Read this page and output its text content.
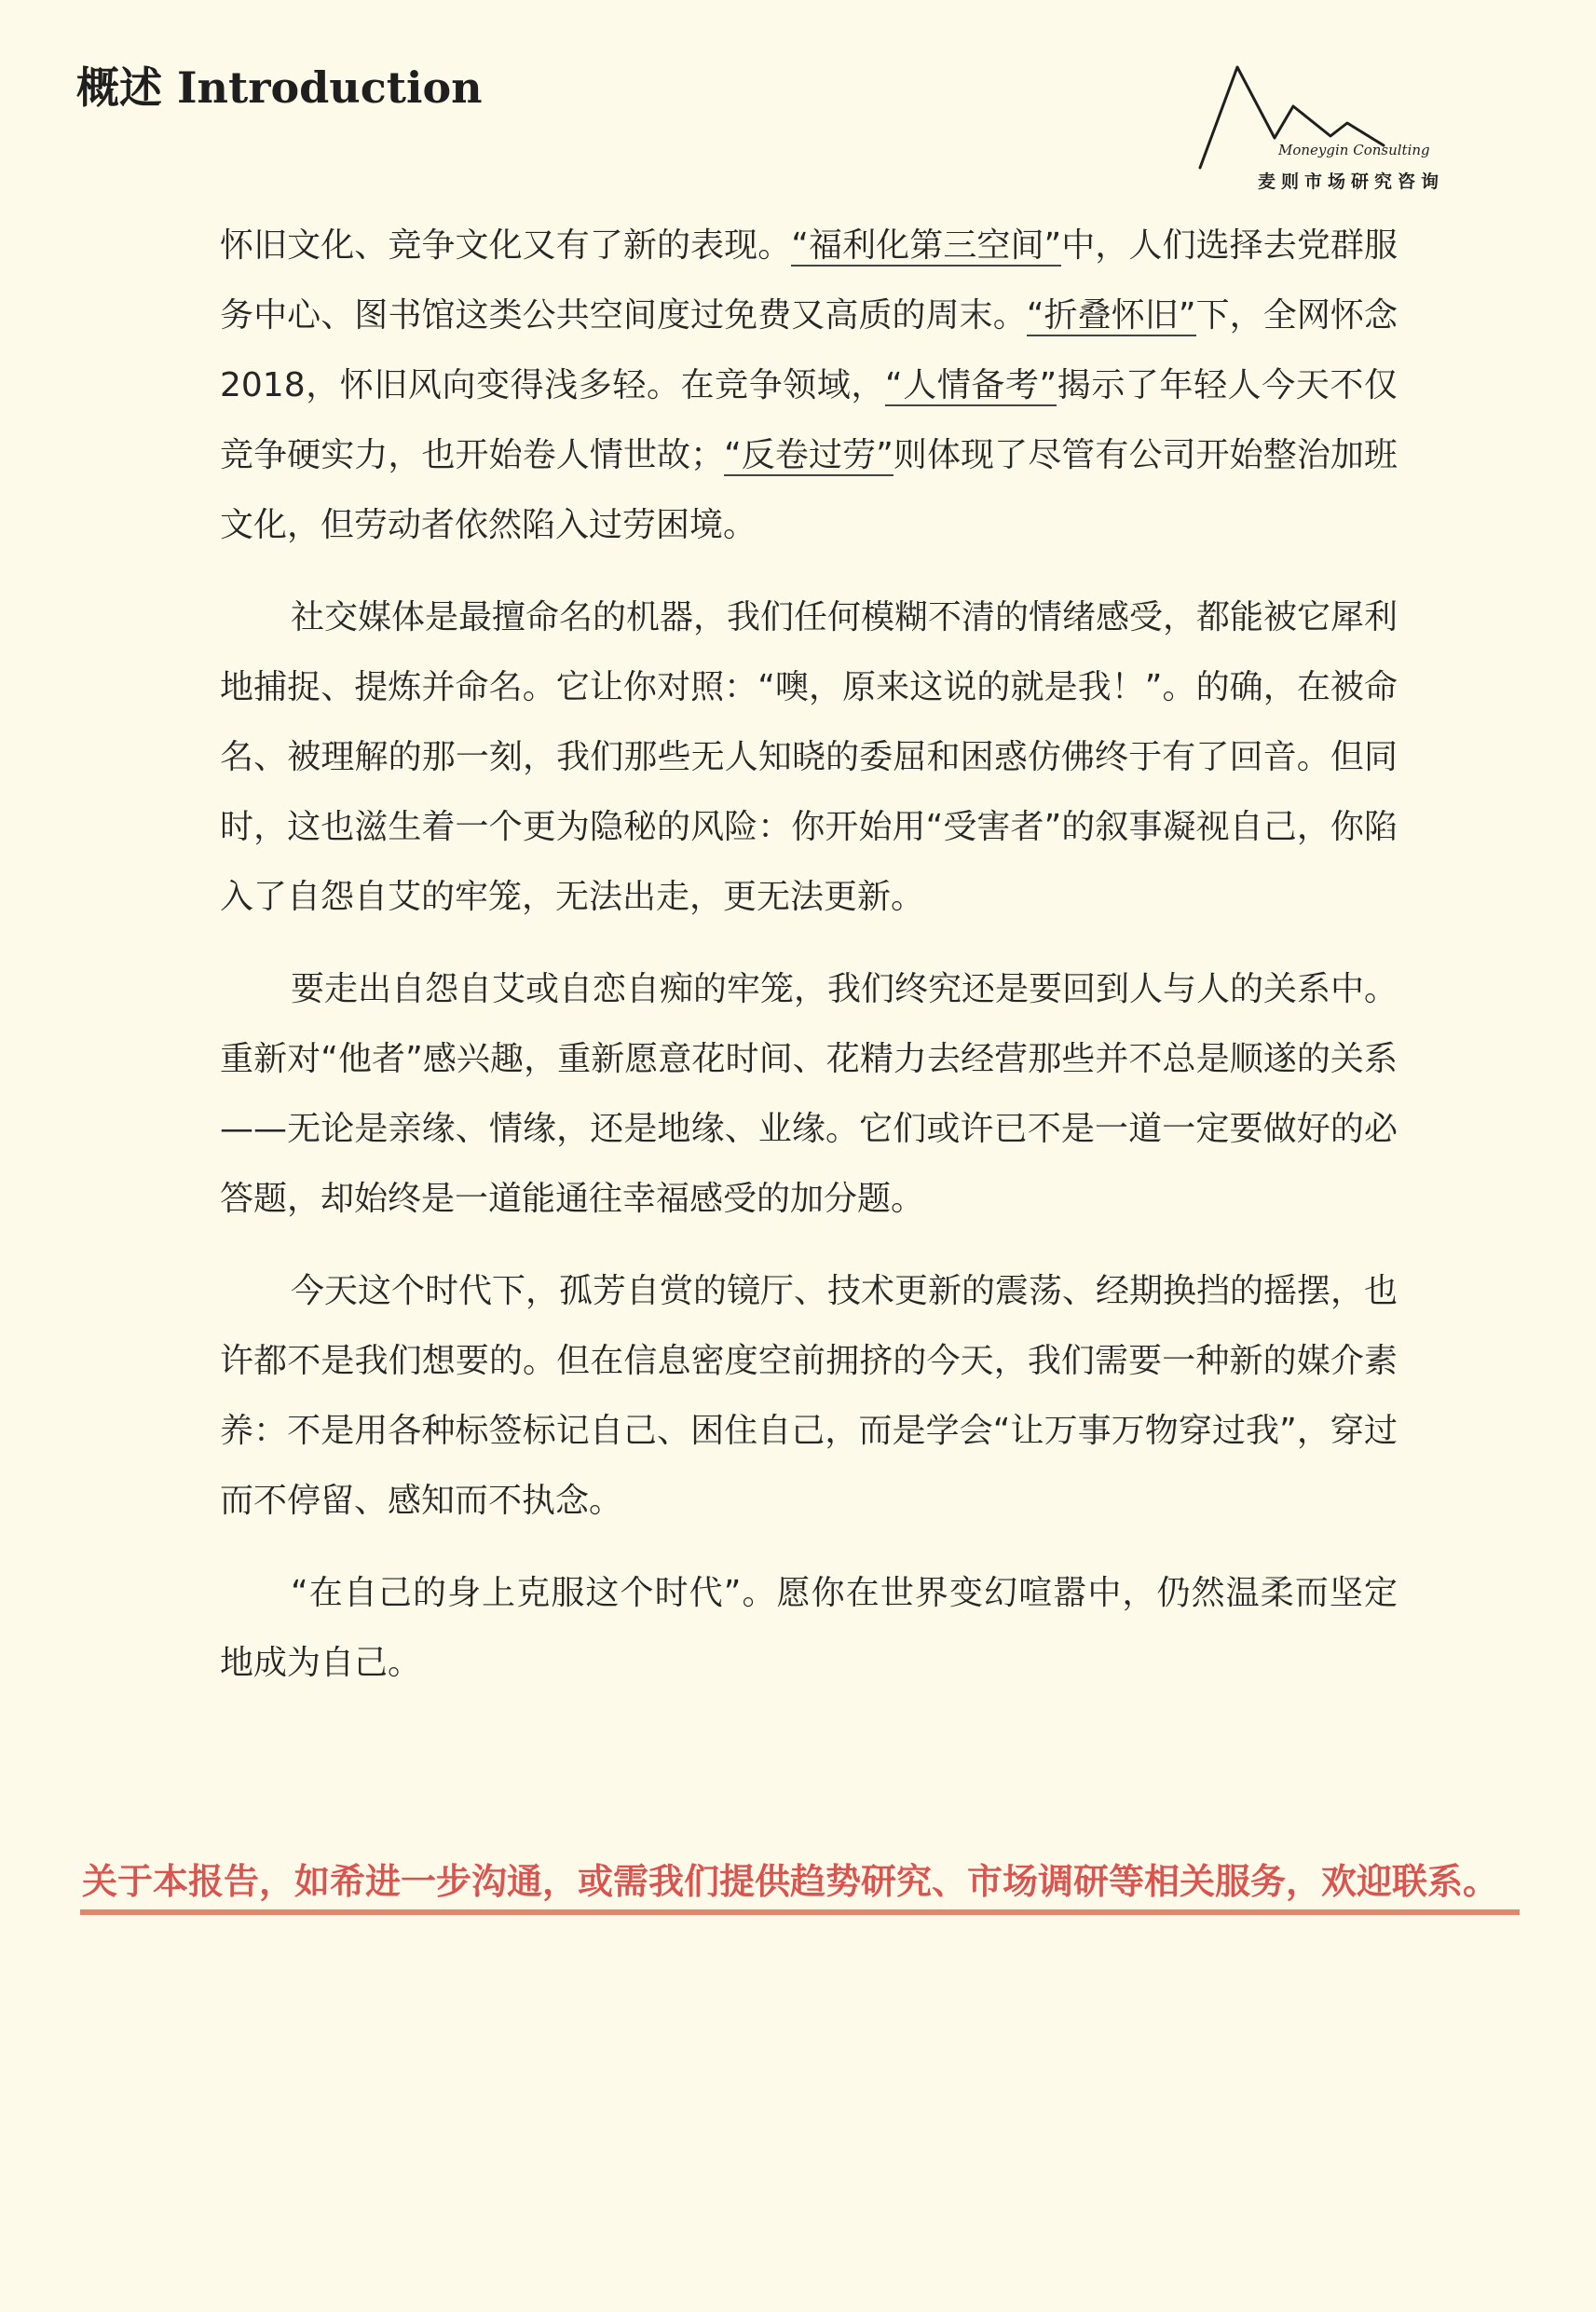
概述 Introduction
Moneygin Consulting
麦则市场研究咨询

怀旧文化、竞争文化又有了新的表现。“福利化第三空间”中，人们选择去党群服务中心、图书馆这类公共空间度过免费又高质的周末。“折叠怀旧”下，全网怀念 2018，怀旧风向变得浅多轻。在竞争领域，“人情备考”揭示了年轻人今天不仅竞争硬实力，也开始卷人情世故；“反卷过劳”则体现了尽管有公司开始整治加班文化，但劳动者依然陷入过劳困境。

社交媒体是最擅命名的机器，我们任何模糊不清的情绪感受，都能被它犀利地捕捉、提炼并命名。它让你对照：“噢，原来这说的就是我！”。的确，在被命名、被理解的那一刻，我们那些无人知晓的委屈和困惑仿佛终于有了回音。但同时，这也滋生着一个更为隐秘的风险：你开始用“受害者”的叙事凝视自己，你陷入了自怨自艾的牢笼，无法出走，更无法更新。

要走出自怨自艾或自恋自痴的牢笼，我们终究还是要回到人与人的关系中。重新对“他者”感兴趣，重新愿意花时间、花精力去经营那些并不总是顺遂的关系——无论是亲缘、情缘，还是地缘、业缘。它们或许已不是一道一定要做好的必答题，却始终是一道能通往幸福感受的加分题。

今天这个时代下，孤芳自赏的镜厅、技术更新的震荡、经期换挡的摇摆，也许都不是我们想要的。但在信息密度空前拥挤的今天，我们需要一种新的媒介素养：不是用各种标签标记自己、困住自己，而是学会“让万事万物穿过我”，穿过而不停留、感知而不执念。

“在自己的身上克服这个时代”。愿你在世界变幻喧嚣中，仍然温柔而坚定地成为自己。

关于本报告，如希进一步沟通，或需我们提供趋势研究、市场调研等相关服务，欢迎联系。
